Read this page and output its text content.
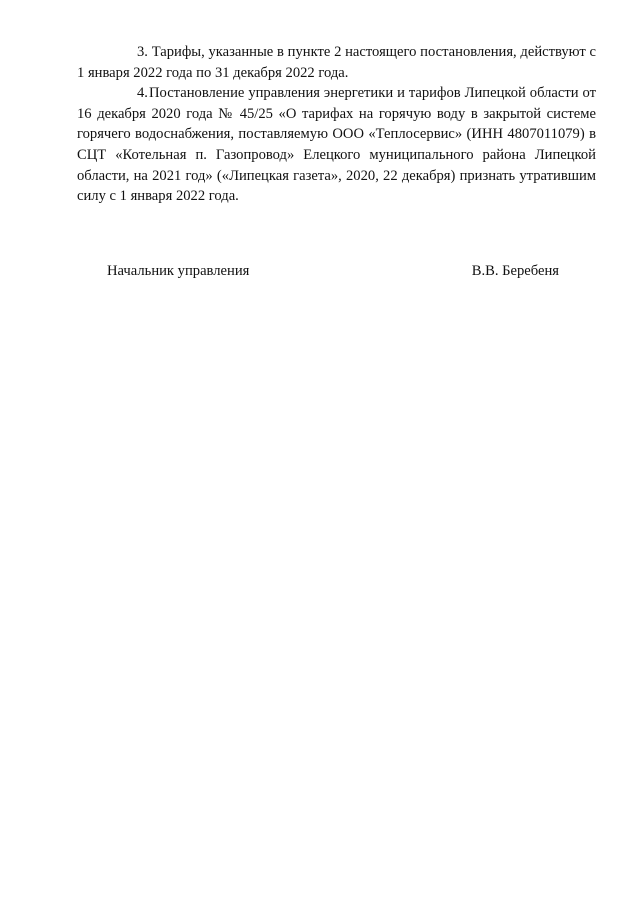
3. Тарифы, указанные в пункте 2 настоящего постановления, действуют с 1 января 2022 года по 31 декабря 2022 года.

4.Постановление управления энергетики и тарифов Липецкой области от 16 декабря 2020 года № 45/25 «О тарифах на горячую воду в закрытой системе горячего водоснабжения, поставляемую ООО «Теплосервис» (ИНН 4807011079) в СЦТ «Котельная п. Газопровод» Елецкого муниципального района Липецкой области, на 2021 год» («Липецкая газета», 2020, 22 декабря) признать утратившим силу с 1 января 2022 года.

Начальник управления	В.В. Беребеня
